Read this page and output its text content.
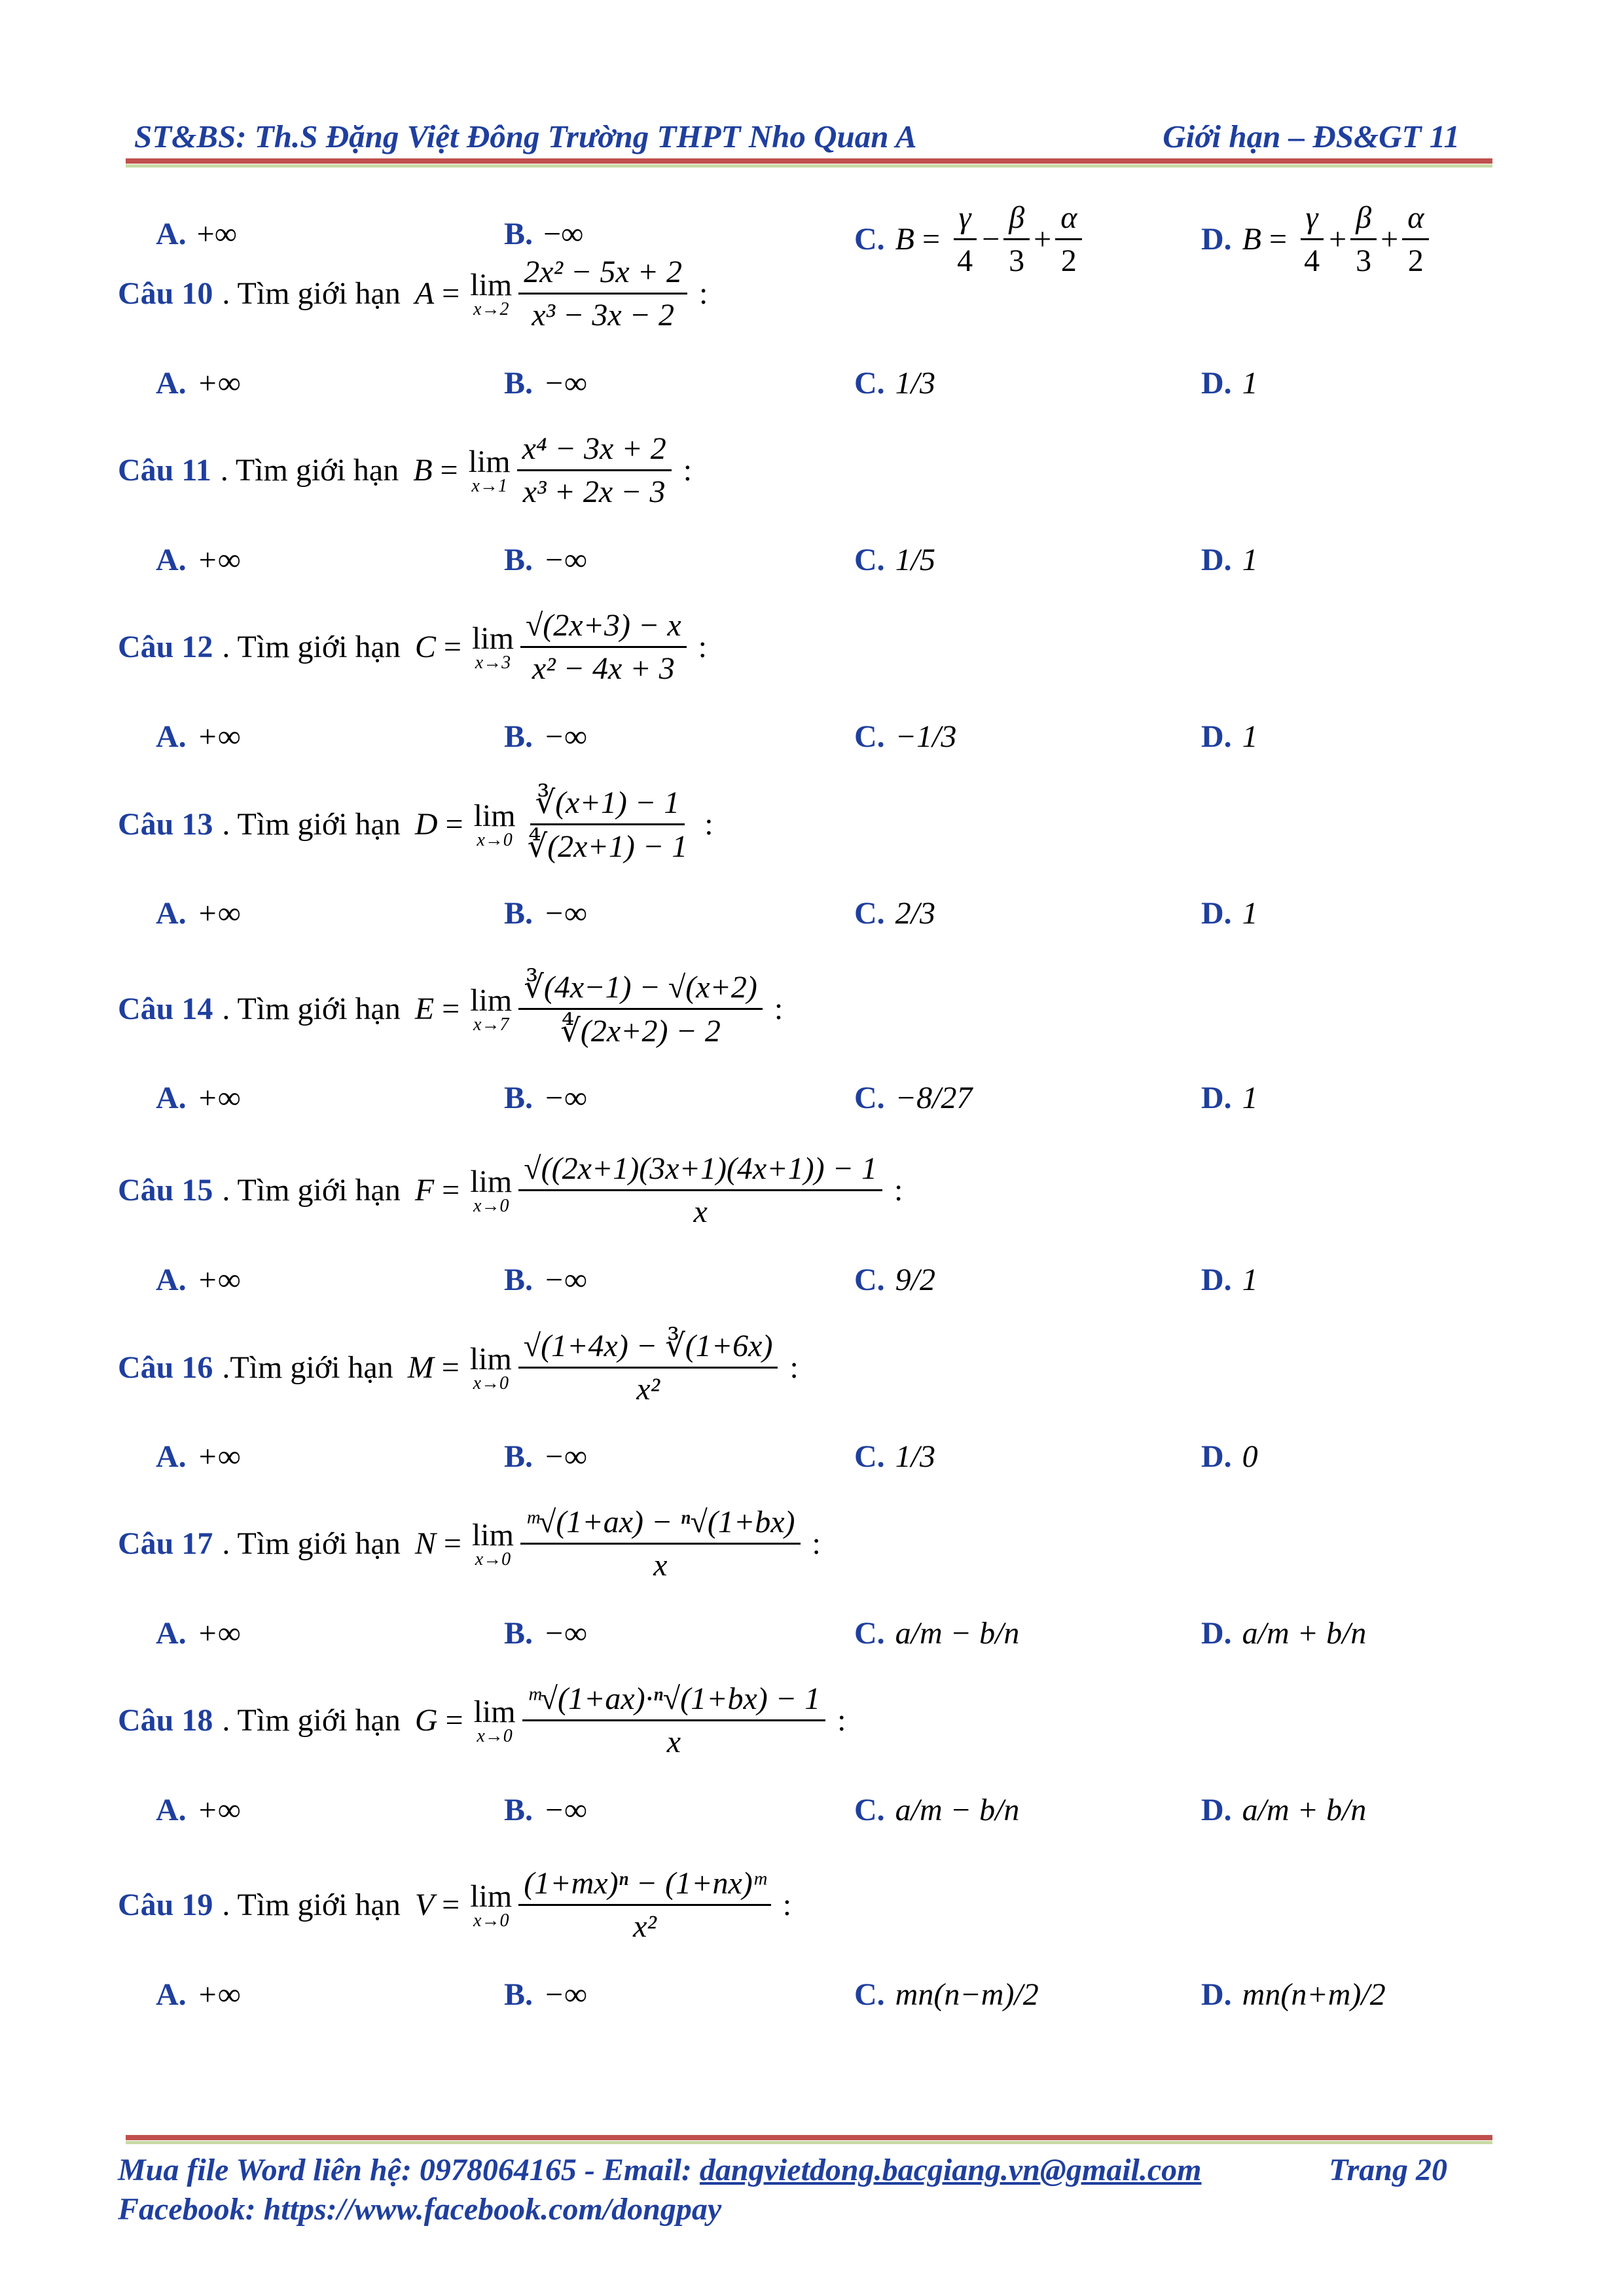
ST&BS: Th.S Đặng Việt Đông Trường THPT Nho Quan A	Giới hạn – ĐS&GT 11
A. +∞	B. −∞	C. $B = \frac{\gamma}{4} - \frac{\beta}{3} + \frac{\alpha}{2}$	D. $B = \frac{\gamma}{4} + \frac{\beta}{3} + \frac{\alpha}{2}$
Câu 10 . Tìm giới hạn A = lim
$x\to 2 \frac{\text{2x² − 5x + 2}}{\text{x³ − 3x − 2}}$ :
A. +∞	B. −∞	C. 1/3	D. 1
Câu 11 . Tìm giới hạn B = lim
$x\to 1 \frac{\text{x⁴ − 3x + 2}}{\text{x³ + 2x − 3}}$ :
A. +∞	B. −∞	C. 1/5	D. 1
Câu 12 . Tìm giới hạn C = lim
$x\to 3 \frac{√(2x+3) - x}{\text{x² − 4x + 3}}$ :
A. +∞	B. −∞	C. −1/3	D. 1
Câu 13 . Tìm giới hạn D = lim
$x\to 0 \frac{∛(x+1) - 1}{∜(2x+1) - 1}$ :
A. +∞	B. −∞	C. 2/3	D. 1
Câu 14 . Tìm giới hạn E = lim
$x\to 7 \frac{∛(4x-1) - √(x+2)}{∜(2x+2) - 2}$ :
A. +∞	B. −∞	C. −8/27	D. 1
Câu 15 . Tìm giới hạn F = lim
$x\to 0 \frac{√((2x+1)(3x+1)(4x+1)) - 1}{x}$ :
A. +∞	B. −∞	C. 9/2	D. 1
Câu 16 .Tìm giới hạn M = lim
$x\to 0 \frac{√(1+4x) - ∛(1+6x)}{\text{x²}}$ :
A. +∞	B. −∞	C. 1/3	D. 0
Câu 17 . Tìm giới hạn N = lim
$x\to 0 \frac{\text{ᵐ√(1+ax) − ⁿ√(1+bx)}}{x}$ :
A. +∞	B. −∞	C. a/m − b/n	D. a/m + b/n
Câu 18 . Tìm giới hạn G = lim
$x\to 0 \frac{\text{ᵐ√(1+ax)·ⁿ√(1+bx) − 1}}{x}$ :
A. +∞	B. −∞	C. a/m − b/n	D. a/m + b/n
Câu 19 . Tìm giới hạn V = lim
$x\to 0 \frac{\text{(1+mx)ⁿ − (1+nx)ᵐ}}{\text{x²}}$ :
A. +∞	B. −∞	C. mn(n−m)/2	D. mn(n+m)/2
Mua file Word liên hệ: 0978064165 - Email: dangvietdong.bacgiang.vn@gmail.com	Trang 20
Facebook: https://www.facebook.com/dongpay
